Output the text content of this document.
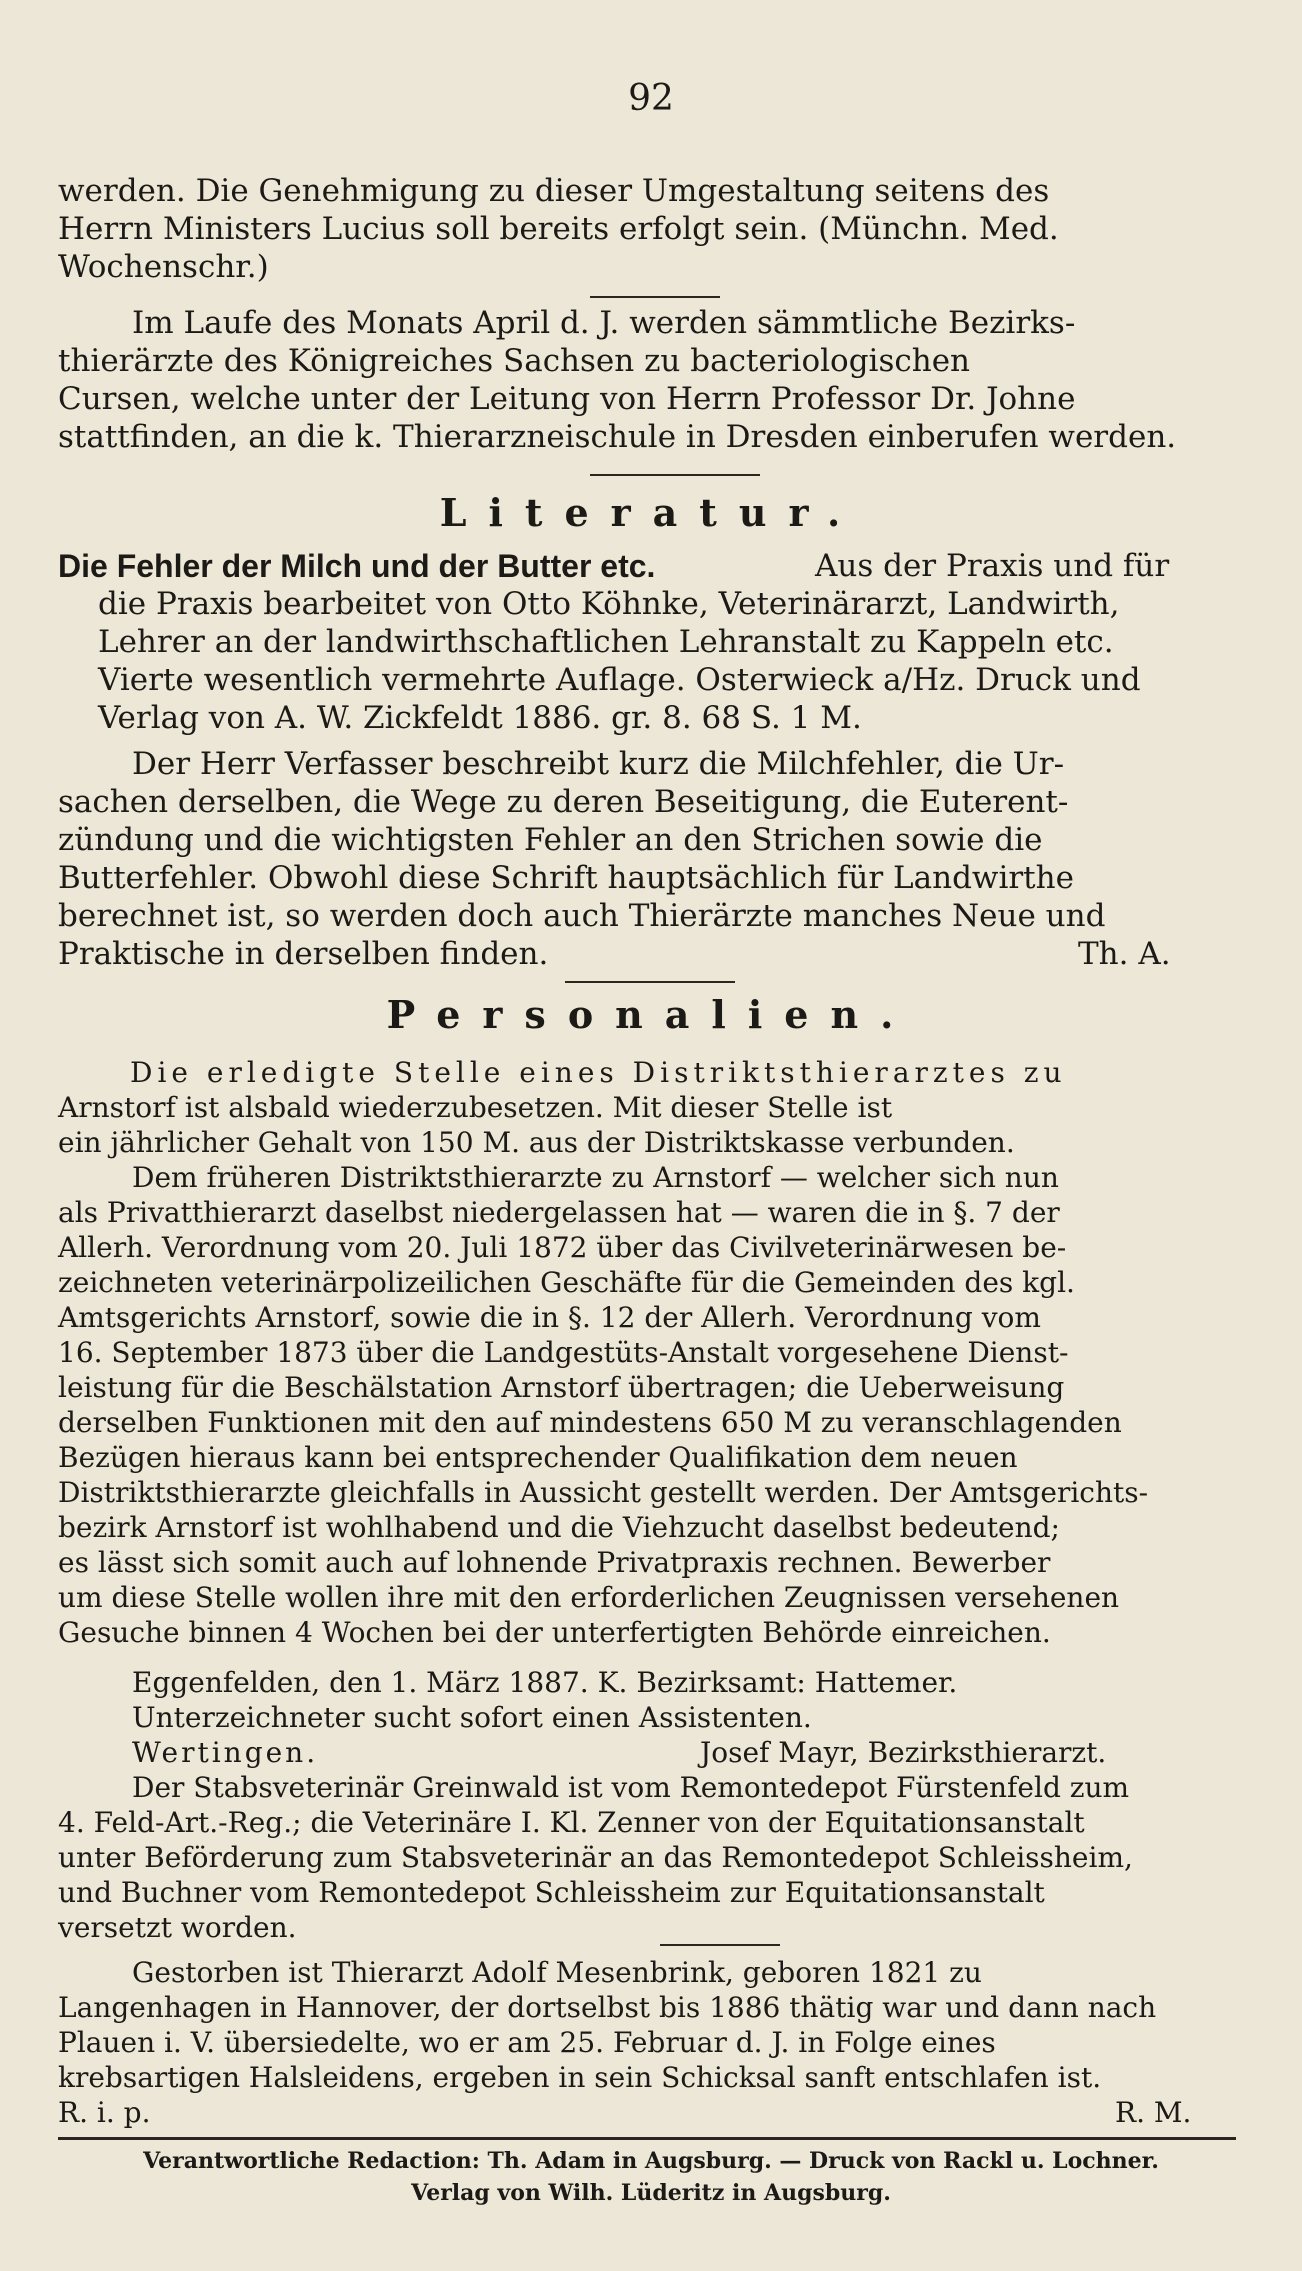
92
werden. Die Genehmigung zu dieser Umgestaltung seitens des
Herrn Ministers Lucius soll bereits erfolgt sein. (Münchn. Med.
Wochenschr.)
Im Laufe des Monats April d. J. werden sämmtliche Bezirks-
thierärzte des Königreiches Sachsen zu bacteriologischen
Cursen, welche unter der Leitung von Herrn Professor Dr. Johne
stattfinden, an die k. Thierarzneischule in Dresden einberufen werden.
Literatur.
Die Fehler der Milch und der Butter etc.	Aus der Praxis und für
die Praxis bearbeitet von Otto Köhnke, Veterinärarzt, Landwirth,
Lehrer an der landwirthschaftlichen Lehranstalt zu Kappeln etc.
Vierte wesentlich vermehrte Auflage. Osterwieck a/Hz. Druck und
Verlag von A. W. Zickfeldt 1886. gr. 8. 68 S. 1 M.
Der Herr Verfasser beschreibt kurz die Milchfehler, die Ur-
sachen derselben, die Wege zu deren Beseitigung, die Euterent-
zündung und die wichtigsten Fehler an den Strichen sowie die
Butterfehler. Obwohl diese Schrift hauptsächlich für Landwirthe
berechnet ist, so werden doch auch Thierärzte manches Neue und
Praktische in derselben finden.	Th. A.
Personalien.
Die erledigte Stelle eines Distriktsthierarztes zu
Arnstorf ist alsbald wiederzubesetzen. Mit dieser Stelle ist
ein jährlicher Gehalt von 150 M. aus der Distriktskasse verbunden.
Dem früheren Distriktsthierarzte zu Arnstorf — welcher sich nun
als Privatthierarzt daselbst niedergelassen hat — waren die in §. 7 der
Allerh. Verordnung vom 20. Juli 1872 über das Civilveterinärwesen be-
zeichneten veterinärpolizeilichen Geschäfte für die Gemeinden des kgl.
Amtsgerichts Arnstorf, sowie die in §. 12 der Allerh. Verordnung vom
16. September 1873 über die Landgestüts-Anstalt vorgesehene Dienst-
leistung für die Beschälstation Arnstorf übertragen; die Ueberweisung
derselben Funktionen mit den auf mindestens 650 M zu veranschlagenden
Bezügen hieraus kann bei entsprechender Qualifikation dem neuen
Distriktsthierarzte gleichfalls in Aussicht gestellt werden. Der Amtsgerichts-
bezirk Arnstorf ist wohlhabend und die Viehzucht daselbst bedeutend;
es lässt sich somit auch auf lohnende Privatpraxis rechnen. Bewerber
um diese Stelle wollen ihre mit den erforderlichen Zeugnissen versehenen
Gesuche binnen 4 Wochen bei der unterfertigten Behörde einreichen.
Eggenfelden, den 1. März 1887. K. Bezirksamt: Hattemer.
Unterzeichneter sucht sofort einen Assistenten.
Wertingen.	Josef Mayr, Bezirksthierarzt.
Der Stabsveterinär Greinwald ist vom Remontedepot Fürstenfeld zum
4. Feld-Art.-Reg.; die Veterinäre I. Kl. Zenner von der Equitationsanstalt
unter Beförderung zum Stabsveterinär an das Remontedepot Schleissheim,
und Buchner vom Remontedepot Schleissheim zur Equitationsanstalt
versetzt worden.
Gestorben ist Thierarzt Adolf Mesenbrink, geboren 1821 zu
Langenhagen in Hannover, der dortselbst bis 1886 thätig war und dann nach
Plauen i. V. übersiedelte, wo er am 25. Februar d. J. in Folge eines
krebsartigen Halsleidens, ergeben in sein Schicksal sanft entschlafen ist.
R. i. p.	R. M.
Verantwortliche Redaction: Th. Adam in Augsburg. — Druck von Rackl u. Lochner.
Verlag von Wilh. Lüderitz in Augsburg.
